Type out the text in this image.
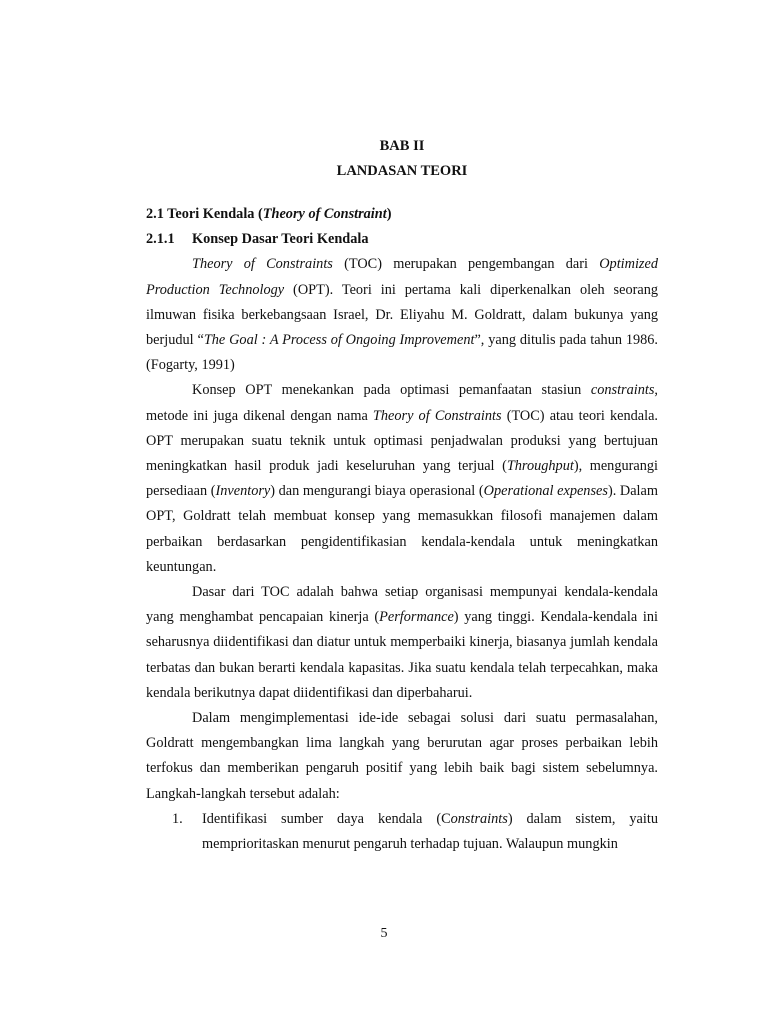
BAB II
LANDASAN TEORI
2.1 Teori Kendala (Theory of Constraint)
2.1.1	Konsep Dasar Teori Kendala

Theory of Constraints (TOC) merupakan pengembangan dari Optimized Production Technology (OPT). Teori ini pertama kali diperkenalkan oleh seorang ilmuwan fisika berkebangsaan Israel, Dr. Eliyahu M. Goldratt, dalam bukunya yang berjudul “The Goal : A Process of Ongoing Improvement”, yang ditulis pada tahun 1986. (Fogarty, 1991)

Konsep OPT menekankan pada optimasi pemanfaatan stasiun constraints, metode ini juga dikenal dengan nama Theory of Constraints (TOC) atau teori kendala. OPT merupakan suatu teknik untuk optimasi penjadwalan produksi yang bertujuan meningkatkan hasil produk jadi keseluruhan yang terjual (Throughput), mengurangi persediaan (Inventory) dan mengurangi biaya operasional (Operational expenses). Dalam OPT, Goldratt telah membuat konsep yang memasukkan filosofi manajemen dalam perbaikan berdasarkan pengidentifikasian kendala-kendala untuk meningkatkan keuntungan.

Dasar dari TOC adalah bahwa setiap organisasi mempunyai kendala-kendala yang menghambat pencapaian kinerja (Performance) yang tinggi. Kendala-kendala ini seharusnya diidentifikasi dan diatur untuk memperbaiki kinerja, biasanya jumlah kendala terbatas dan bukan berarti kendala kapasitas. Jika suatu kendala telah terpecahkan, maka kendala berikutnya dapat diidentifikasi dan diperbaharui.

Dalam mengimplementasi ide-ide sebagai solusi dari suatu permasalahan, Goldratt mengembangkan lima langkah yang berurutan agar proses perbaikan lebih terfokus dan memberikan pengaruh positif yang lebih baik bagi sistem sebelumnya. Langkah-langkah tersebut adalah:

1.	Identifikasi sumber daya kendala (Constraints) dalam sistem, yaitu memprioritaskan menurut pengaruh terhadap tujuan. Walaupun mungkin
5
